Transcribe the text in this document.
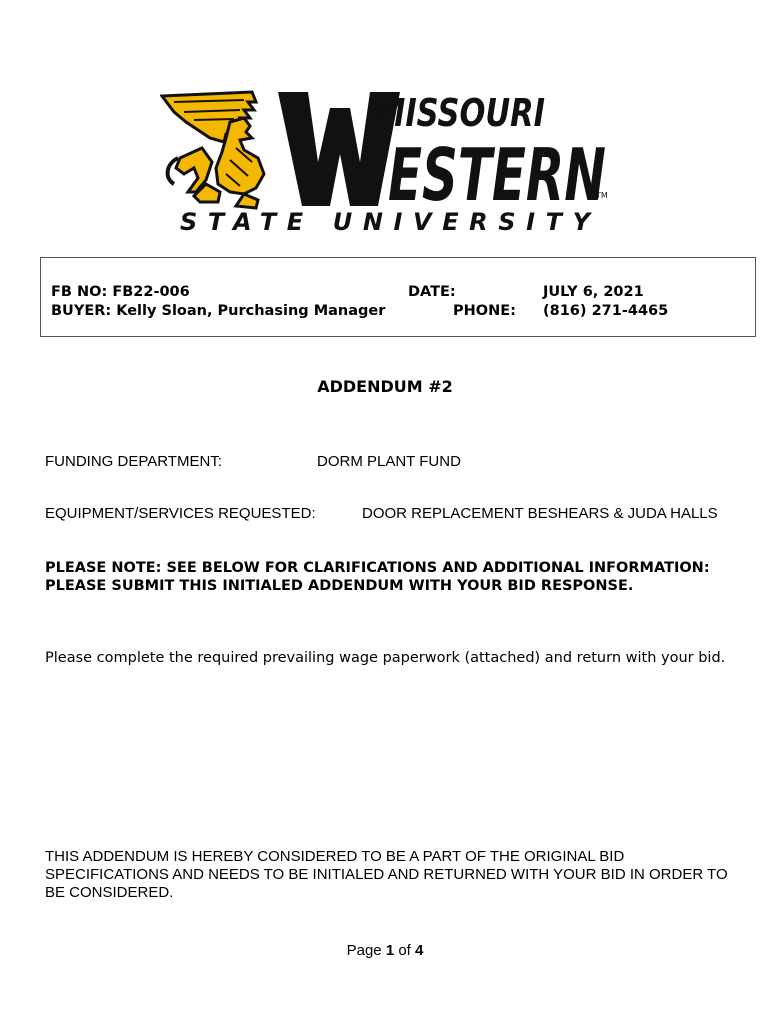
MISSOURI
ESTERN
TM
STATE UNIVERSITY
FB NO: FB22-006
BUYER: Kelly Sloan, Purchasing Manager
DATE:
PHONE:
JULY 6, 2021
(816) 271-4465
ADDENDUM #2
FUNDING DEPARTMENT:	DORM PLANT FUND
EQUIPMENT/SERVICES REQUESTED:	DOOR REPLACEMENT BESHEARS & JUDA HALLS
PLEASE NOTE: SEE BELOW FOR CLARIFICATIONS AND ADDITIONAL INFORMATION: PLEASE SUBMIT THIS INITIALED ADDENDUM WITH YOUR BID RESPONSE.
Please complete the required prevailing wage paperwork (attached) and return with your bid.
THIS ADDENDUM IS HEREBY CONSIDERED TO BE A PART OF THE ORIGINAL BID SPECIFICATIONS AND NEEDS TO BE INITIALED AND RETURNED WITH YOUR BID IN ORDER TO BE CONSIDERED.
Page 1 of 4
